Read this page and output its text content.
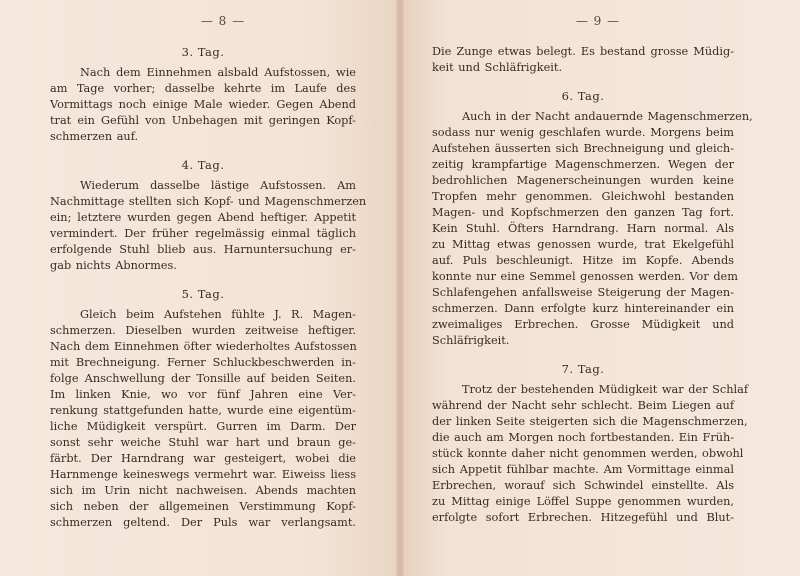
— 8 —
3. Tag.
Nach dem Einnehmen alsbald Aufstossen, wie
am Tage vorher; dasselbe kehrte im Laufe des
Vormittags noch einige Male wieder. Gegen Abend
trat ein Gefühl von Unbehagen mit geringen Kopf-
schmerzen auf.
4. Tag.
Wiederum dasselbe lästige Aufstossen. Am
Nachmittage stellten sich Kopf- und Magenschmerzen
ein; letztere wurden gegen Abend heftiger. Appetit
vermindert. Der früher regelmässig einmal täglich
erfolgende Stuhl blieb aus. Harnuntersuchung er-
gab nichts Abnormes.
5. Tag.
Gleich beim Aufstehen fühlte J. R. Magen-
schmerzen. Dieselben wurden zeitweise heftiger.
Nach dem Einnehmen öfter wiederholtes Aufstossen
mit Brechneigung. Ferner Schluckbeschwerden in-
folge Anschwellung der Tonsille auf beiden Seiten.
Im linken Knie, wo vor fünf Jahren eine Ver-
renkung stattgefunden hatte, wurde eine eigentüm-
liche Müdigkeit verspürt. Gurren im Darm. Der
sonst sehr weiche Stuhl war hart und braun ge-
färbt. Der Harndrang war gesteigert, wobei die
Harnmenge keineswegs vermehrt war. Eiweiss liess
sich im Urin nicht nachweisen. Abends machten
sich neben der allgemeinen Verstimmung Kopf-
schmerzen geltend. Der Puls war verlangsamt.
— 9 —
Die Zunge etwas belegt. Es bestand grosse Müdig-
keit und Schläfrigkeit.
6. Tag.
Auch in der Nacht andauernde Magenschmerzen,
sodass nur wenig geschlafen wurde. Morgens beim
Aufstehen äusserten sich Brechneigung und gleich-
zeitig krampfartige Magenschmerzen. Wegen der
bedrohlichen Magenerscheinungen wurden keine
Tropfen mehr genommen. Gleichwohl bestanden
Magen- und Kopfschmerzen den ganzen Tag fort.
Kein Stuhl. Öfters Harndrang. Harn normal. Als
zu Mittag etwas genossen wurde, trat Ekelgefühl
auf. Puls beschleunigt. Hitze im Kopfe. Abends
konnte nur eine Semmel genossen werden. Vor dem
Schlafengehen anfallsweise Steigerung der Magen-
schmerzen. Dann erfolgte kurz hintereinander ein
zweimaliges Erbrechen. Grosse Müdigkeit und
Schläfrigkeit.
7. Tag.
Trotz der bestehenden Müdigkeit war der Schlaf
während der Nacht sehr schlecht. Beim Liegen auf
der linken Seite steigerten sich die Magenschmerzen,
die auch am Morgen noch fortbestanden. Ein Früh-
stück konnte daher nicht genommen werden, obwohl
sich Appetit fühlbar machte. Am Vormittage einmal
Erbrechen, worauf sich Schwindel einstellte. Als
zu Mittag einige Löffel Suppe genommen wurden,
erfolgte sofort Erbrechen. Hitzegefühl und Blut-
